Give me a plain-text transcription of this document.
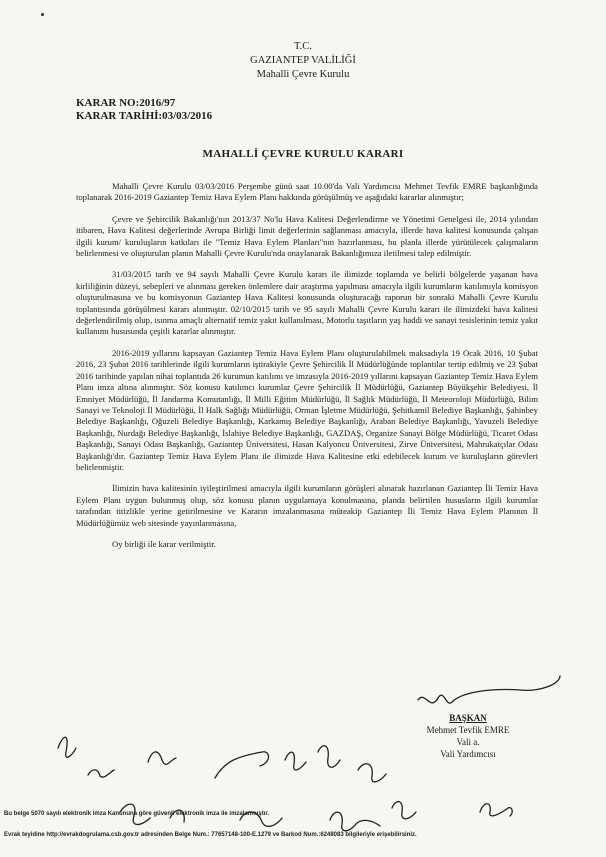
T.C.
GAZIANTEP VALİLİĞİ
Mahalli Çevre Kurulu
KARAR NO:2016/97
KARAR TARİHİ:03/03/2016
MAHALLİ ÇEVRE KURULU KARARI

Mahalli Çevre Kurulu 03/03/2016 Perşembe günü saat 10.00'da Vali Yardımcısı Mehmet Tevfik EMRE başkanlığında toplanarak 2016-2019 Gaziantep Temiz Hava Eylem Planı hakkında görüşülmüş ve aşağıdaki kararlar alınmıştır;

Çevre ve Şehircilik Bakanlığı'nın 2013/37 No'lu Hava Kalitesi Değerlendirme ve Yönetimi Genelgesi ile, 2014 yılından itibaren, Hava Kalitesi değerlerinde Avrupa Birliği limit değerlerinin sağlanması amacıyla, illerde hava kalitesi konusunda çalışan ilgili kurum/ kuruluşların katkıları ile "Temiz Hava Eylem Planları"nın hazırlanması, bu planla illerde yürütülecek çalışmaların belirlenmesi ve oluşturulan planın Mahalli Çevre Kurulu'nda onaylanarak Bakanlığımıza iletilmesi talep edilmiştir.

31/03/2015 tarih ve 94 sayılı Mahalli Çevre Kurulu kararı ile ilimizde toplamda ve belirli bölgelerde yaşanan hava kirliliğinin düzeyi, sebepleri ve alınması gereken önlemlere dair araştırma yapılması amacıyla ilgili kurumların katılımıyla komisyon oluşturulmasına ve bu komisyonun Gaziantep Hava Kalitesi konusunda oluşturacağı raporun bir sonraki Mahalli Çevre Kurulu toplantısında görüşülmesi kararı alınmıştır. 02/10/2015 tarih ve 95 sayılı Mahalli Çevre Kurulu kararı ile ilimizdeki hava kalitesi değerlendirilmiş olup, ısınma amaçlı alternatif temiz yakıt kullanılması, Motorlu taşıtların yaş haddi ve sanayi tesislerinin temiz yakıt kullanımı hususunda çeşitli kararlar alınmıştır.

2016-2019 yıllarını kapsayan Gaziantep Temiz Hava Eylem Planı oluşturulabilmek maksadıyla 19 Ocak 2016, 10 Şubat 2016, 23 Şubat 2016 tarihlerinde ilgili kurumların iştirakiyle Çevre Şehircilik İl Müdürlüğünde toplantılar tertip edilmiş ve 23 Şubat 2016 tarihinde yapılan nihai toplantıda 26 kurumun katılımı ve imzasıyla 2016-2019 yıllarını kapsayan Gaziantep Temiz Hava Eylem Planı imza altına alınmıştır. Söz konusu katılımcı kurumlar Çevre Şehircilik İl Müdürlüğü, Gaziantep Büyükşehir Belediyesi, İl Emniyet Müdürlüğü, İl Jandarma Komutanlığı, İl Milli Eğitim Müdürlüğü, İl Sağlık Müdürlüğü, İl Meteoroloji Müdürlüğü, Bilim Sanayi ve Teknoloji İl Müdürlüğü, İl Halk Sağlığı Müdürlüğü, Orman İşletme Müdürlüğü, Şehitkamil Belediye Başkanlığı, Şahinbey Belediye Başkanlığı, Oğuzeli Belediye Başkanlığı, Karkamış Belediye Başkanlığı, Araban Belediye Başkanlığı, Yavuzeli Belediye Başkanlığı, Nurdağı Belediye Başkanlığı, İslahiye Belediye Başkanlığı, GAZDAŞ, Organize Sanayi Bölge Müdürlüğü, Ticaret Odası Başkanlığı, Sanayi Odası Başkanlığı, Gaziantep Üniversitesi, Hasan Kalyoncu Üniversitesi, Zirve Üniversitesi, Mahrukatçılar Odası Başkanlığı'dır. Gaziantep Temiz Hava Eylem Planı ile ilimizde Hava Kalitesine etki edebilecek kurum ve kuruluşların görevleri belirlenmiştir.

İlimizin hava kalitesinin iyileştirilmesi amacıyla ilgili kurumların görüşleri alınarak hazırlanan Gaziantep İli Temiz Hava Eylem Planı uygun bulunmuş olup, söz konusu planın uygulamaya konulmasına, planda belirtilen hususların ilgili kurumlar tarafından titizlikle yerine getirilmesine ve Kararın imzalanmasına müteakip Gaziantep İli Temiz Hava Eylem Planının İl Müdürlüğümüz web sitesinde yayınlanmasına,

Oy birliği ile karar verilmiştir.

BAŞKAN
Mehmet Tevfik EMRE
Vali a.
Vali Yardımcısı
Bu belge 5070 sayılı elektronik imza Kanununa göre güvenli elektronik imza ile imzalanmıştır.
Evrak teyidine http://evrakdogrulama.csb.gov.tr adresinden Belge Num.: 77657148-100-E.1279 ve Barkod Num.:6248083 bilgileriyle erişebilirsiniz.
